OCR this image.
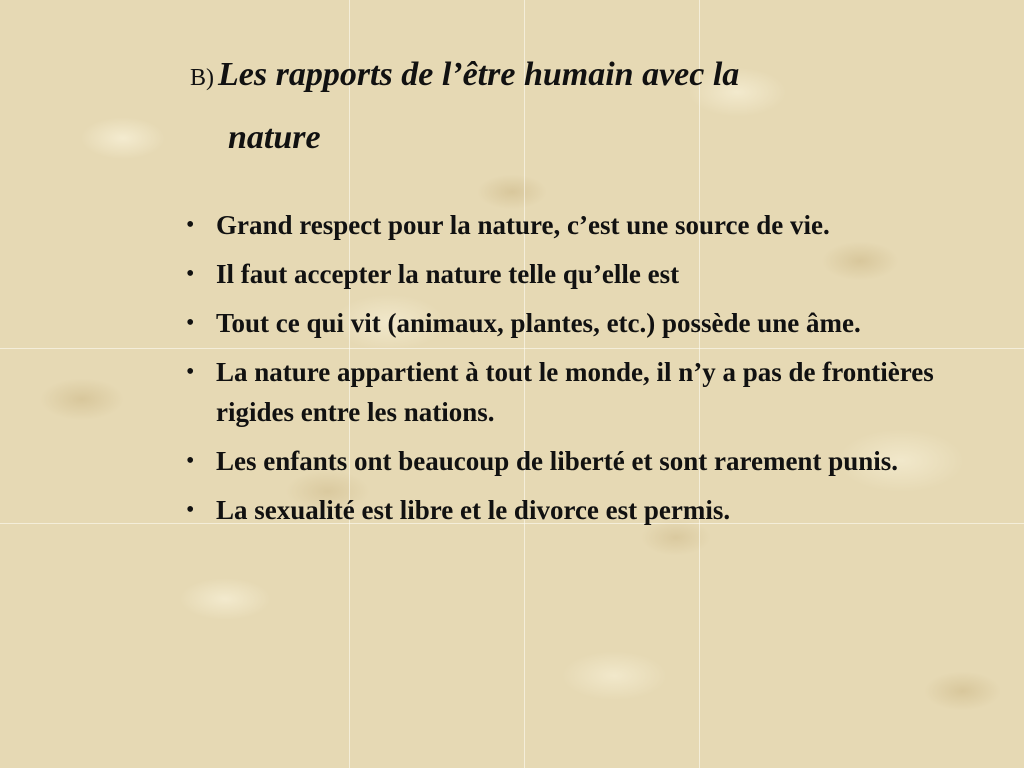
B) Les rapports de l’être humain avec la
nature
• Grand respect pour la nature, c’est une source de vie.
• Il faut accepter la nature telle qu’elle est
• Tout ce qui vit (animaux, plantes, etc.) possède une âme.
• La nature appartient à tout le monde, il n’y a pas de frontières rigides entre les nations.
• Les enfants ont beaucoup de liberté et sont rarement punis.
• La sexualité est libre et le divorce est permis.
